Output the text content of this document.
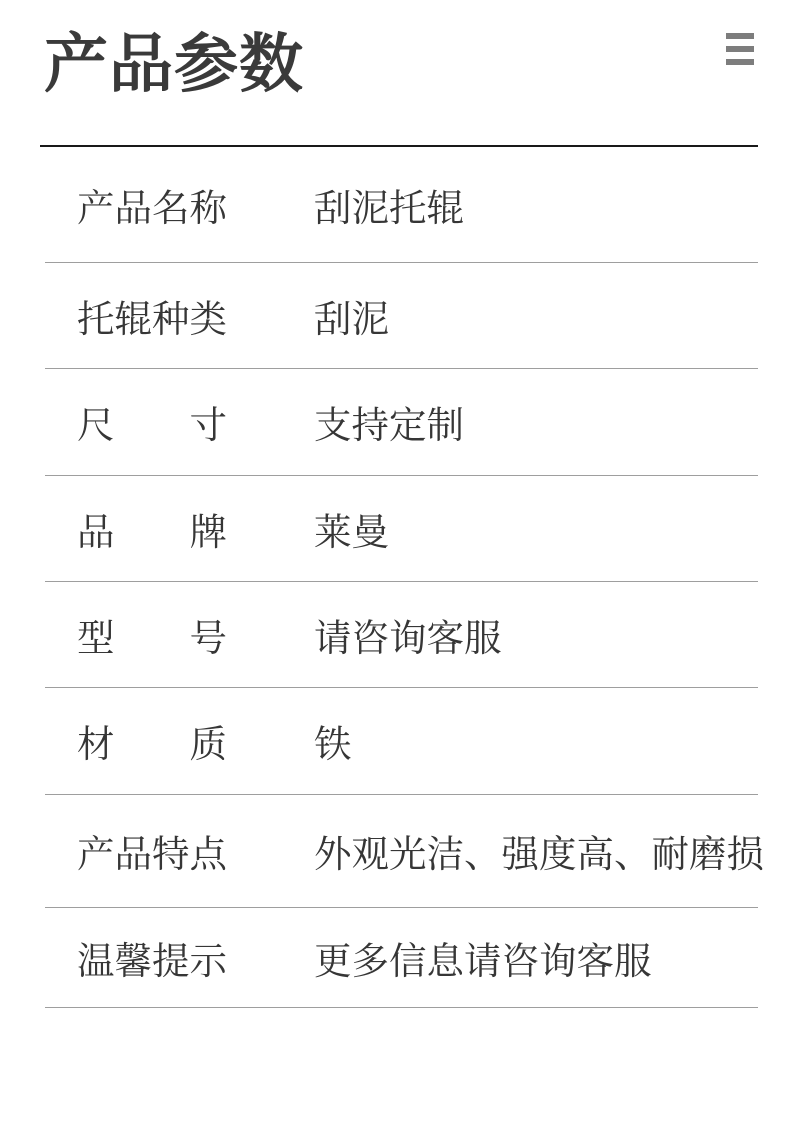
产品参数
产品名称 刮泥托辊
托辊种类 刮泥
尺寸 支持定制
品牌 莱曼
型号 请咨询客服
材质 铁
产品特点 外观光洁、强度高、耐磨损
温馨提示 更多信息请咨询客服
